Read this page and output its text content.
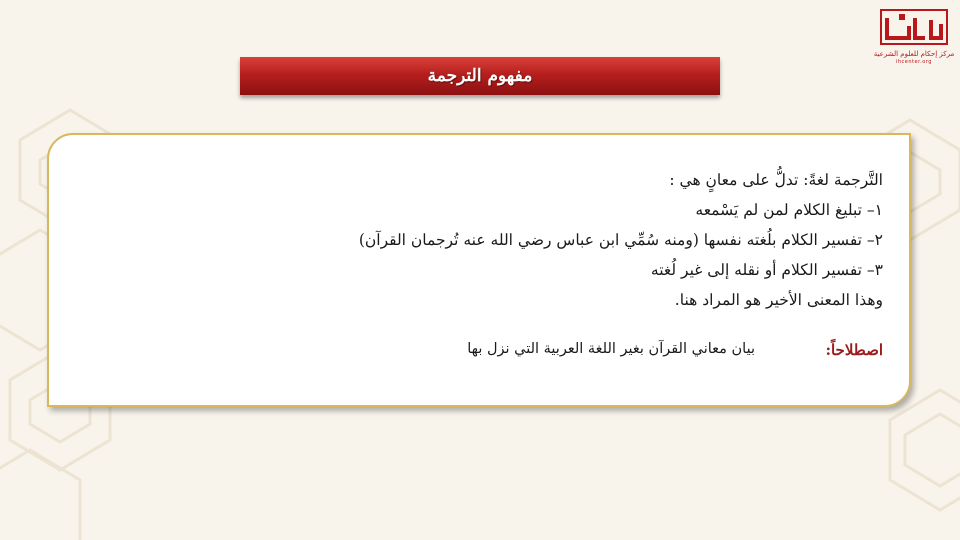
مركز إحكام للعلوم الشرعية
ihcenter.org
مفهوم الترجمة
التَّرجمة لغةً: تدلُّ على معانٍ هي :
١– تبليغ الكلام لمن لم يَسْمعه
٢– تفسير الكلام بلُغته نفسها (ومنه سُمِّي ابن عباس رضي الله عنه تُرجمان القرآن)
٣– تفسير الكلام أو نقله إلى غير لُغته
وهذا المعنى الأخير هو المراد هنا.
اصطلاحاً:
بيان معاني القرآن بغير اللغة العربية التي نزل بها
